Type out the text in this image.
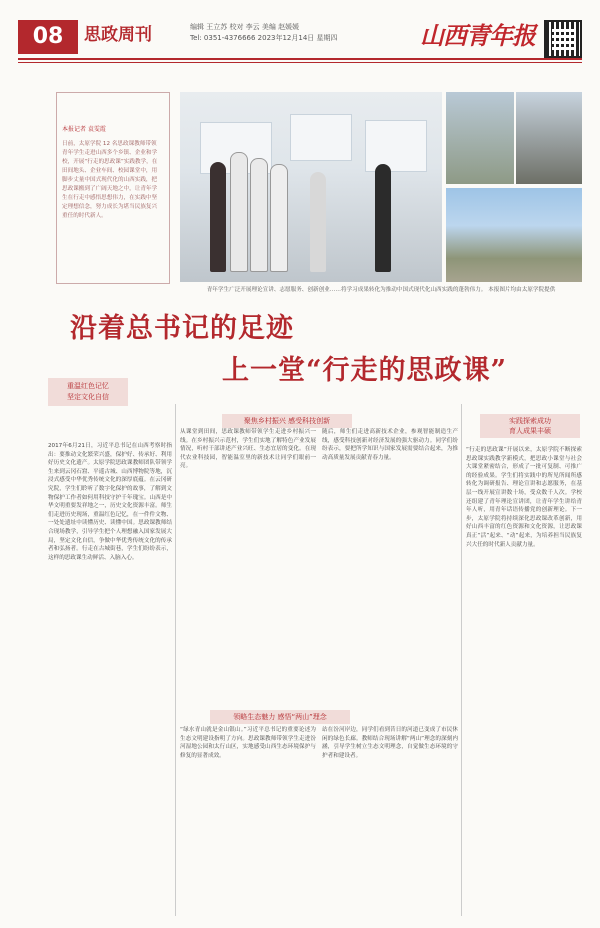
08	思政周刊	编辑 王立苏 校对 李云 美编 赵媛媛
Tel: 0351-4376666 2023年12月14日 星期四	山西青年报
本报记者 袁雯霞
日前，太原学院 12 名思政课教师带领青年学生走进山西多个乡镇、企业和学校，开展“行走的思政课”实践教学，在田间地头、企业车间、校园课堂中，用脚步丈量中国式现代化的山西实践，把思政课搬到了广阔天地之中，让青年学生在行走中感悟思想伟力，在实践中坚定理想信念，努力成长为堪当民族复兴重任的时代新人。
青年学生广泛开展理论宣讲、志愿服务、创新创业……将学习成果转化为推动中国式现代化山西实践的蓬勃伟力。 本报图片均由太原学院提供
沿着总书记的足迹
上一堂“行走的思政课”
重温红色记忆
坚定文化自信
聚焦乡村振兴 感受科技创新
领略生态魅力 感悟“两山”理念
实践探索成功
育人成果丰硕
2017年6月21日，习近平总书记在山西考察时指出：要推动文化繁荣兴盛，保护好、传承好、利用好历史文化遗产。太原学院思政课教师团队带领学生来到云冈石窟、平遥古城、山西博物院等地，沉浸式感受中华优秀传统文化的深厚底蕴。在云冈研究院，学生们聆听了数字化保护的故事，了解到文物保护工作者如何用科技守护千年瑰宝。山西是中华文明重要发祥地之一，历史文化资源丰富。师生们走进历史现场，重温红色记忆，在一件件文物、一处处遗址中读懂历史、读懂中国。思政课教师结合现场教学，引导学生把个人理想融入国家发展大局，坚定文化自信，争做中华优秀传统文化的传承者和弘扬者。行走在古城街巷，学生们纷纷表示，这样的思政课生动鲜活、入脑入心。
从课堂到田间，思政课教师带领学生走进乡村振兴一线。在乡村振兴示范村，学生们实地了解特色产业发展情况，听村干部讲述产业兴旺、生态宜居的变化。在现代农业科技园，智能温室里的新技术让同学们眼前一亮。
随后，师生们走进高新技术企业，参观智能制造生产线，感受科技创新对经济发展的强大驱动力。同学们纷纷表示，要把所学知识与国家发展需要结合起来，为推动高质量发展贡献青春力量。
“绿水青山就是金山银山。”习近平总书记的重要论述为生态文明建设指明了方向。思政课教师带领学生走进汾河湿地公园和太行山区，实地感受山西生态环境保护与修复的显著成效。
站在汾河岸边，同学们看到昔日的河道已变成了市民休闲的绿色长廊。教师结合现场讲解“两山”理念的深刻内涵，引导学生树立生态文明理念，自觉做生态环境的守护者和建设者。
“行走的思政课”开展以来，太原学院不断探索思政课实践教学新模式，把思政小课堂与社会大课堂紧密结合，形成了一批可复制、可推广的经验成果。学生们将实践中的所见所闻所感转化为调研报告、理论宣讲和志愿服务，在基层一线开展宣讲数十场，受众数千人次。学校还组建了青年理论宣讲团，让青年学生讲给青年人听，用青年话语传播党的创新理论。下一步，太原学院将持续深化思政课改革创新，用好山西丰富的红色资源和文化资源，让思政课真正“活”起来、“动”起来，为培养担当民族复兴大任的时代新人贡献力量。
